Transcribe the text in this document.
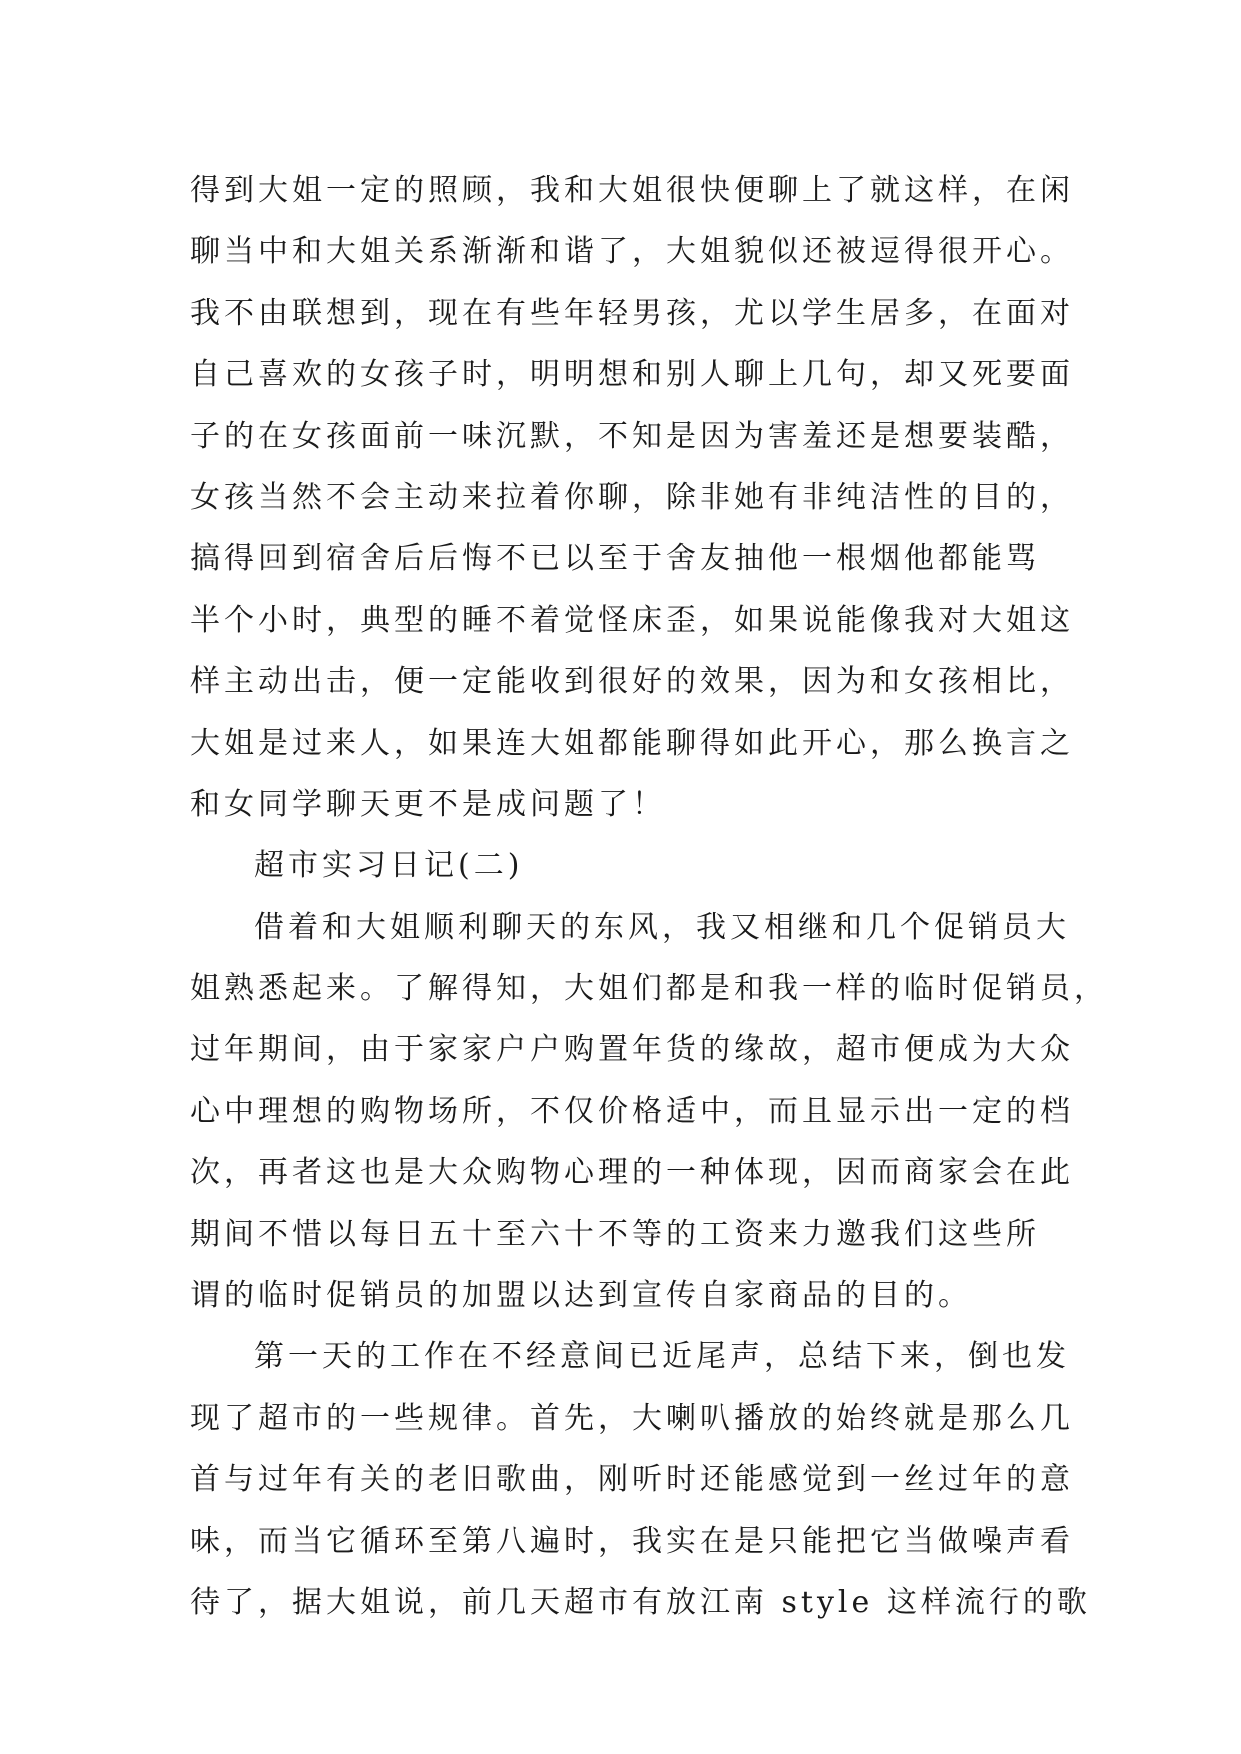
得到大姐一定的照顾，我和大姐很快便聊上了就这样，在闲
聊当中和大姐关系渐渐和谐了，大姐貌似还被逗得很开心。
我不由联想到，现在有些年轻男孩，尤以学生居多，在面对
自己喜欢的女孩子时，明明想和别人聊上几句，却又死要面
子的在女孩面前一味沉默，不知是因为害羞还是想要装酷，
女孩当然不会主动来拉着你聊，除非她有非纯洁性的目的，
搞得回到宿舍后后悔不已以至于舍友抽他一根烟他都能骂
半个小时，典型的睡不着觉怪床歪，如果说能像我对大姐这
样主动出击，便一定能收到很好的效果，因为和女孩相比，
大姐是过来人，如果连大姐都能聊得如此开心，那么换言之
和女同学聊天更不是成问题了！
超市实习日记(二)
借着和大姐顺利聊天的东风，我又相继和几个促销员大
姐熟悉起来。了解得知，大姐们都是和我一样的临时促销员，
过年期间，由于家家户户购置年货的缘故，超市便成为大众
心中理想的购物场所，不仅价格适中，而且显示出一定的档
次，再者这也是大众购物心理的一种体现，因而商家会在此
期间不惜以每日五十至六十不等的工资来力邀我们这些所
谓的临时促销员的加盟以达到宣传自家商品的目的。
第一天的工作在不经意间已近尾声，总结下来，倒也发
现了超市的一些规律。首先，大喇叭播放的始终就是那么几
首与过年有关的老旧歌曲，刚听时还能感觉到一丝过年的意
味，而当它循环至第八遍时，我实在是只能把它当做噪声看
待了，据大姐说，前几天超市有放江南 style 这样流行的歌
